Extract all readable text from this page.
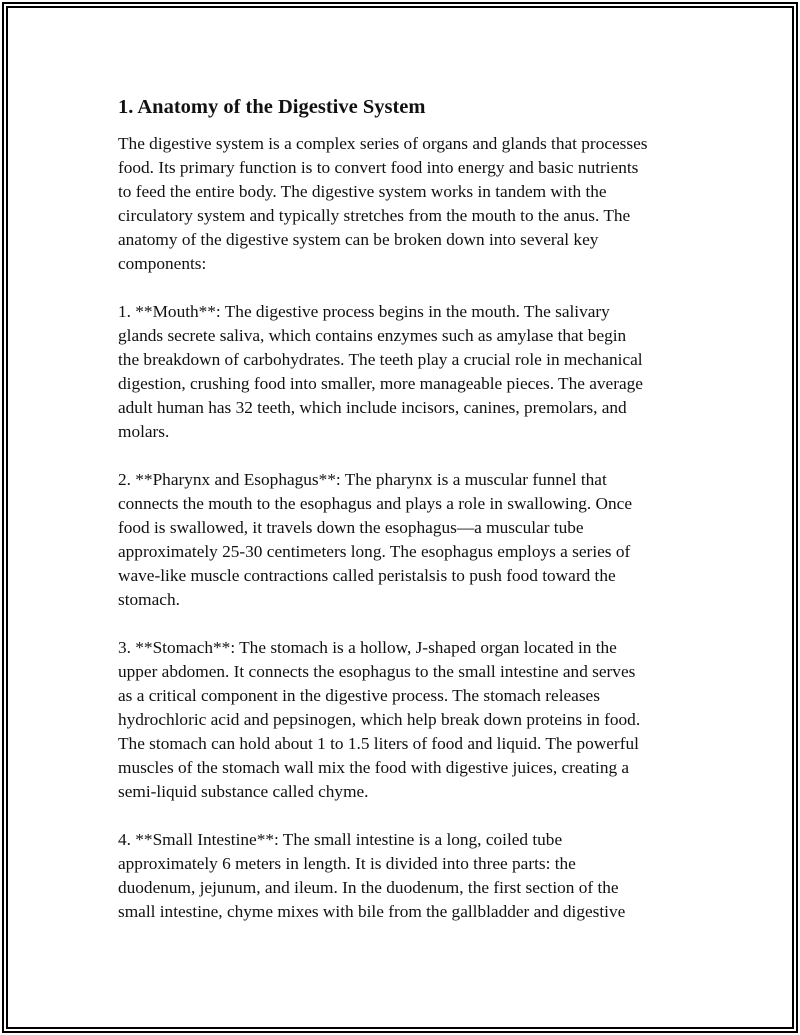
1. Anatomy of the Digestive System

The digestive system is a complex series of organs and glands that processes
food. Its primary function is to convert food into energy and basic nutrients
to feed the entire body. The digestive system works in tandem with the
circulatory system and typically stretches from the mouth to the anus. The
anatomy of the digestive system can be broken down into several key
components:

1. **Mouth**: The digestive process begins in the mouth. The salivary
glands secrete saliva, which contains enzymes such as amylase that begin
the breakdown of carbohydrates. The teeth play a crucial role in mechanical
digestion, crushing food into smaller, more manageable pieces. The average
adult human has 32 teeth, which include incisors, canines, premolars, and
molars.

2. **Pharynx and Esophagus**: The pharynx is a muscular funnel that
connects the mouth to the esophagus and plays a role in swallowing. Once
food is swallowed, it travels down the esophagus—a muscular tube
approximately 25-30 centimeters long. The esophagus employs a series of
wave-like muscle contractions called peristalsis to push food toward the
stomach.

3. **Stomach**: The stomach is a hollow, J-shaped organ located in the
upper abdomen. It connects the esophagus to the small intestine and serves
as a critical component in the digestive process. The stomach releases
hydrochloric acid and pepsinogen, which help break down proteins in food.
The stomach can hold about 1 to 1.5 liters of food and liquid. The powerful
muscles of the stomach wall mix the food with digestive juices, creating a
semi-liquid substance called chyme.

4. **Small Intestine**: The small intestine is a long, coiled tube
approximately 6 meters in length. It is divided into three parts: the
duodenum, jejunum, and ileum. In the duodenum, the first section of the
small intestine, chyme mixes with bile from the gallbladder and digestive
